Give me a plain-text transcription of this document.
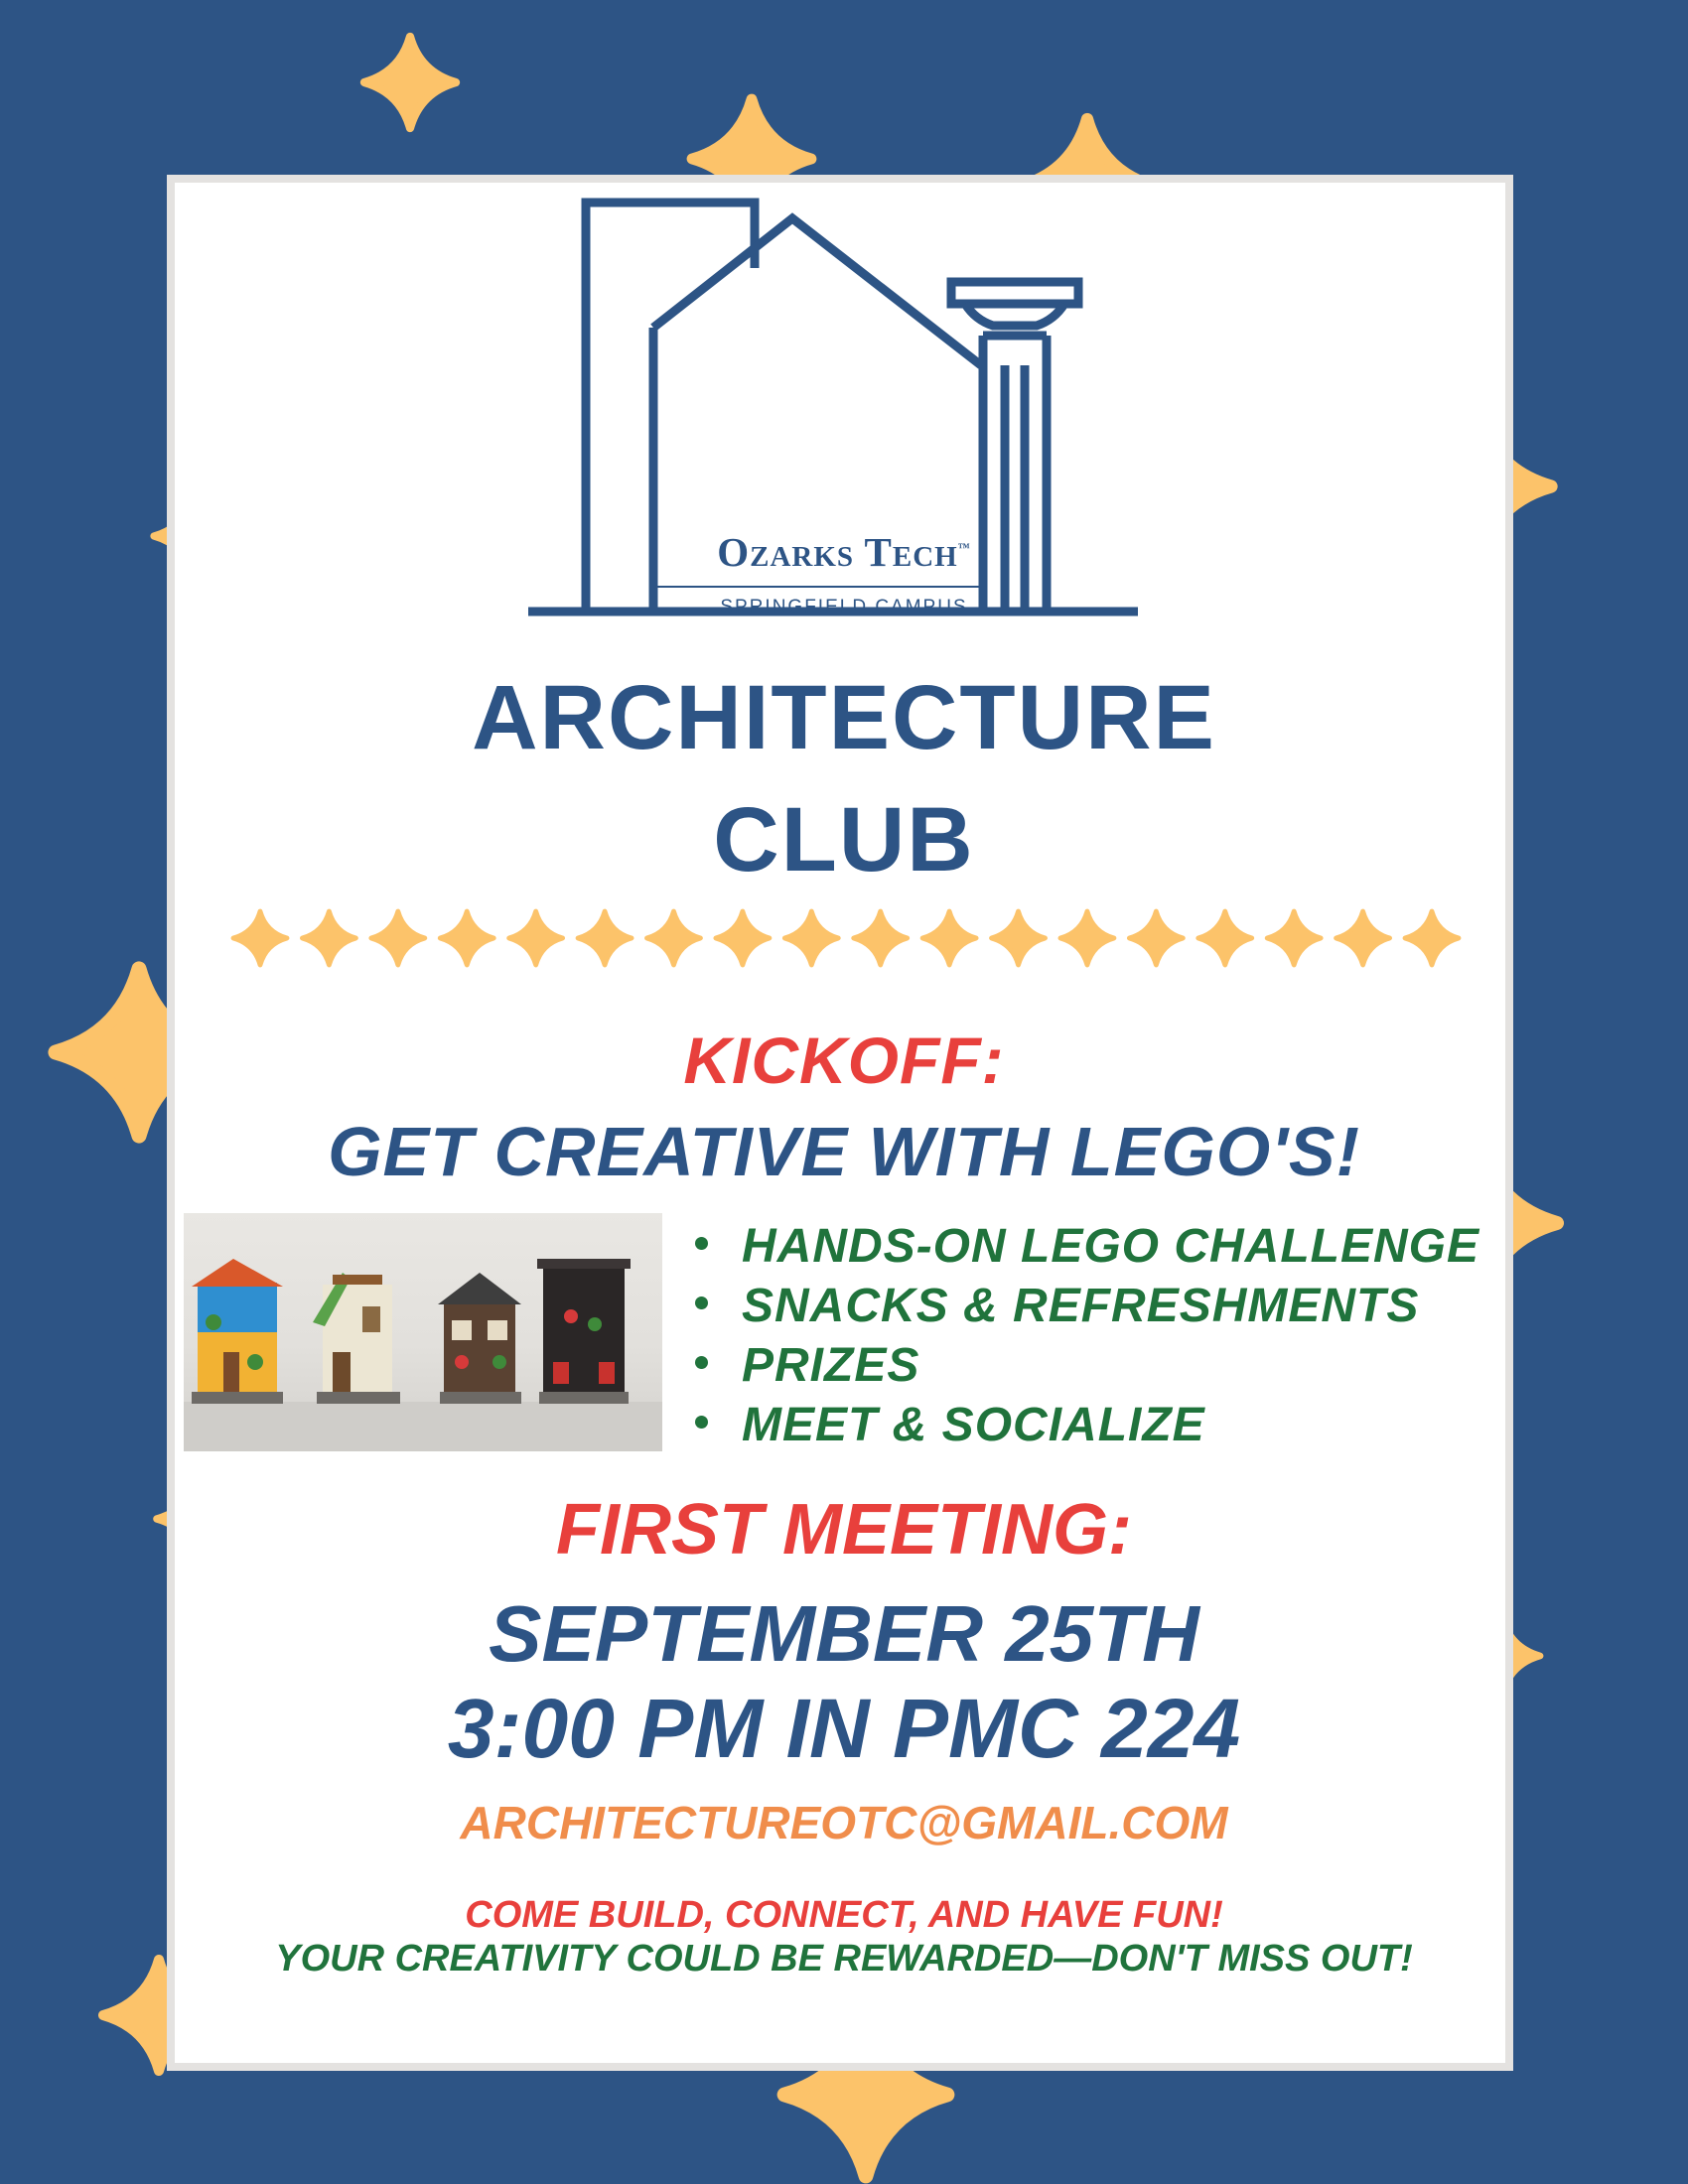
Ozarks Tech™
SPRINGFIELD CAMPUS
ARCHITECTURE
CLUB
KICKOFF:
GET CREATIVE WITH LEGO'S!
HANDS-ON LEGO CHALLENGE
SNACKS & REFRESHMENTS
PRIZES
MEET & SOCIALIZE
FIRST MEETING:
SEPTEMBER 25TH
3:00 PM IN PMC 224
ARCHITECTUREOTC@GMAIL.COM
COME BUILD, CONNECT, AND HAVE FUN!
YOUR CREATIVITY COULD BE REWARDED—DON'T MISS OUT!
